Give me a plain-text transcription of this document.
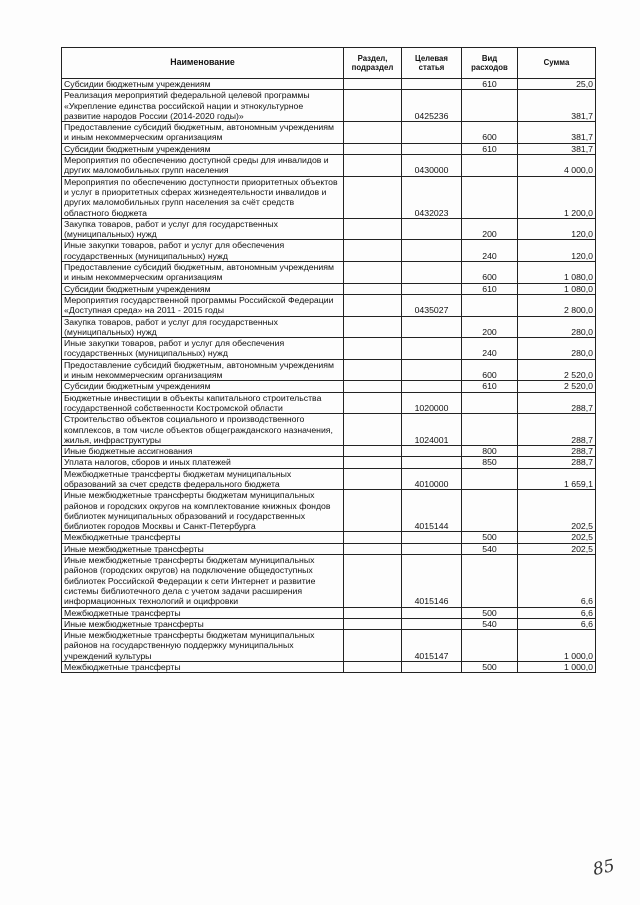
Наименование	Раздел, подраздел	Целевая статья	Вид расходов	Сумма
Субсидии бюджетным учреждениям			610	25,0
Реализация мероприятий федеральной целевой программы «Укрепление единства российской нации и этнокультурное развитие народов России (2014-2020 годы)»		0425236		381,7
Предоставление субсидий бюджетным, автономным учреждениям и иным некоммерческим организациям			600	381,7
Субсидии бюджетным учреждениям			610	381,7
Мероприятия по обеспечению доступной среды для инвалидов и других маломобильных групп населения		0430000		4 000,0
Мероприятия по обеспечению доступности приоритетных объектов и услуг в приоритетных сферах жизнедеятельности инвалидов и других маломобильных групп населения за счёт средств областного бюджета		0432023		1 200,0
Закупка товаров, работ и услуг для государственных (муниципальных) нужд			200	120,0
Иные закупки товаров, работ и услуг для обеспечения государственных (муниципальных) нужд			240	120,0
Предоставление субсидий бюджетным, автономным учреждениям и иным некоммерческим организациям			600	1 080,0
Субсидии бюджетным учреждениям			610	1 080,0
Мероприятия государственной программы Российской Федерации «Доступная среда» на 2011 - 2015 годы		0435027		2 800,0
Закупка товаров, работ и услуг для государственных (муниципальных) нужд			200	280,0
Иные закупки товаров, работ и услуг для обеспечения государственных (муниципальных) нужд			240	280,0
Предоставление субсидий бюджетным, автономным учреждениям и иным некоммерческим организациям			600	2 520,0
Субсидии бюджетным учреждениям			610	2 520,0
Бюджетные инвестиции в объекты капитального строительства государственной собственности Костромской области		1020000		288,7
Строительство объектов социального и производственного комплексов, в том числе объектов общегражданского назначения, жилья, инфраструктуры		1024001		288,7
Иные бюджетные ассигнования			800	288,7
Уплата налогов, сборов и иных платежей			850	288,7
Межбюджетные трансферты бюджетам муниципальных образований за счет средств федерального бюджета		4010000		1 659,1
Иные межбюджетные трансферты бюджетам муниципальных районов и городских округов на комплектование книжных фондов библиотек муниципальных образований и государственных библиотек городов Москвы и Санкт-Петербурга		4015144		202,5
Межбюджетные трансферты			500	202,5
Иные межбюджетные трансферты			540	202,5
Иные межбюджетные трансферты бюджетам муниципальных районов (городских округов) на подключение общедоступных библиотек Российской Федерации к сети Интернет и развитие системы библиотечного дела с учетом задачи расширения информационных технологий и оцифровки		4015146		6,6
Межбюджетные трансферты			500	6,6
Иные межбюджетные трансферты			540	6,6
Иные межбюджетные трансферты бюджетам муниципальных районов на государственную поддержку муниципальных учреждений культуры		4015147		1 000,0
Межбюджетные трансферты			500	1 000,0
85
